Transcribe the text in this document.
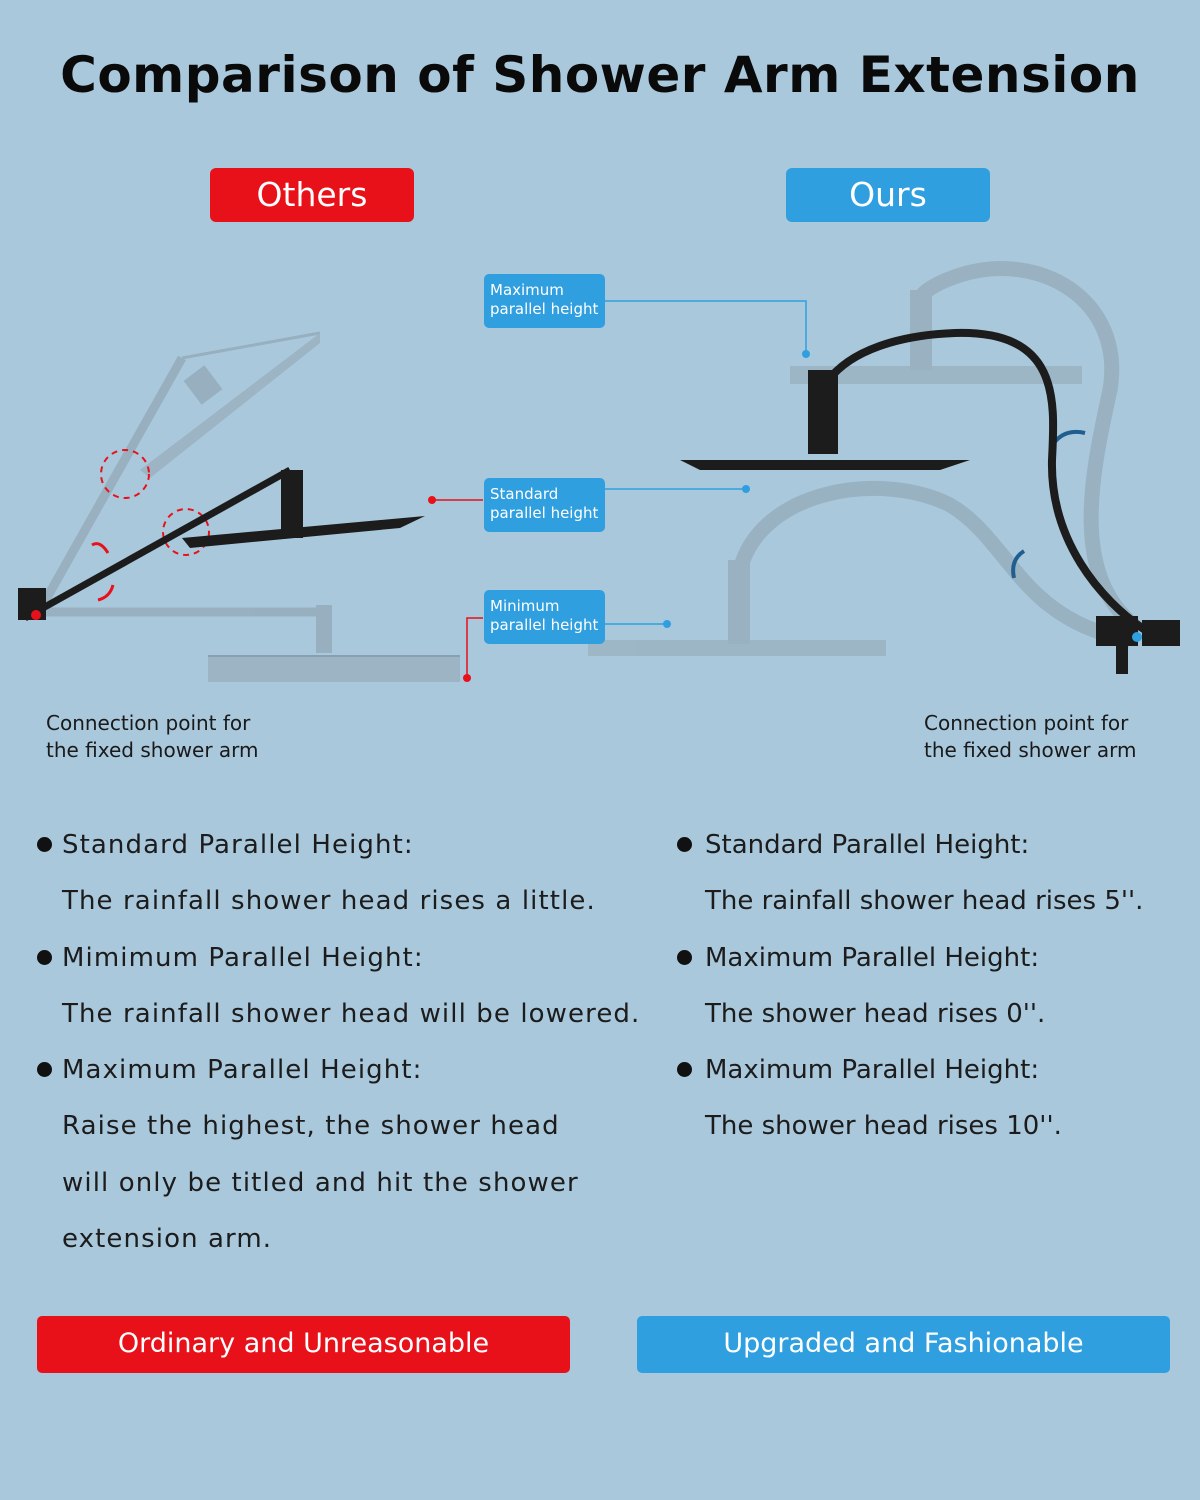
Comparison of Shower Arm Extension
Others	Ours
Maximum
parallel height
Standard
parallel height
Minimum
parallel height
Connection point for
the fixed shower arm
Connection point for
the fixed shower arm
Standard Parallel Height:
The rainfall shower head rises a little.
Mimimum Parallel Height:
The rainfall shower head will be lowered.
Maximum Parallel Height:
Raise the highest, the shower head
will only be titled and hit the shower
extension arm.
Standard Parallel Height:
The rainfall shower head rises 5''.
Maximum Parallel Height:
The shower head rises 0''.
Maximum Parallel Height:
The shower head rises 10''.
Ordinary and Unreasonable	Upgraded and Fashionable
